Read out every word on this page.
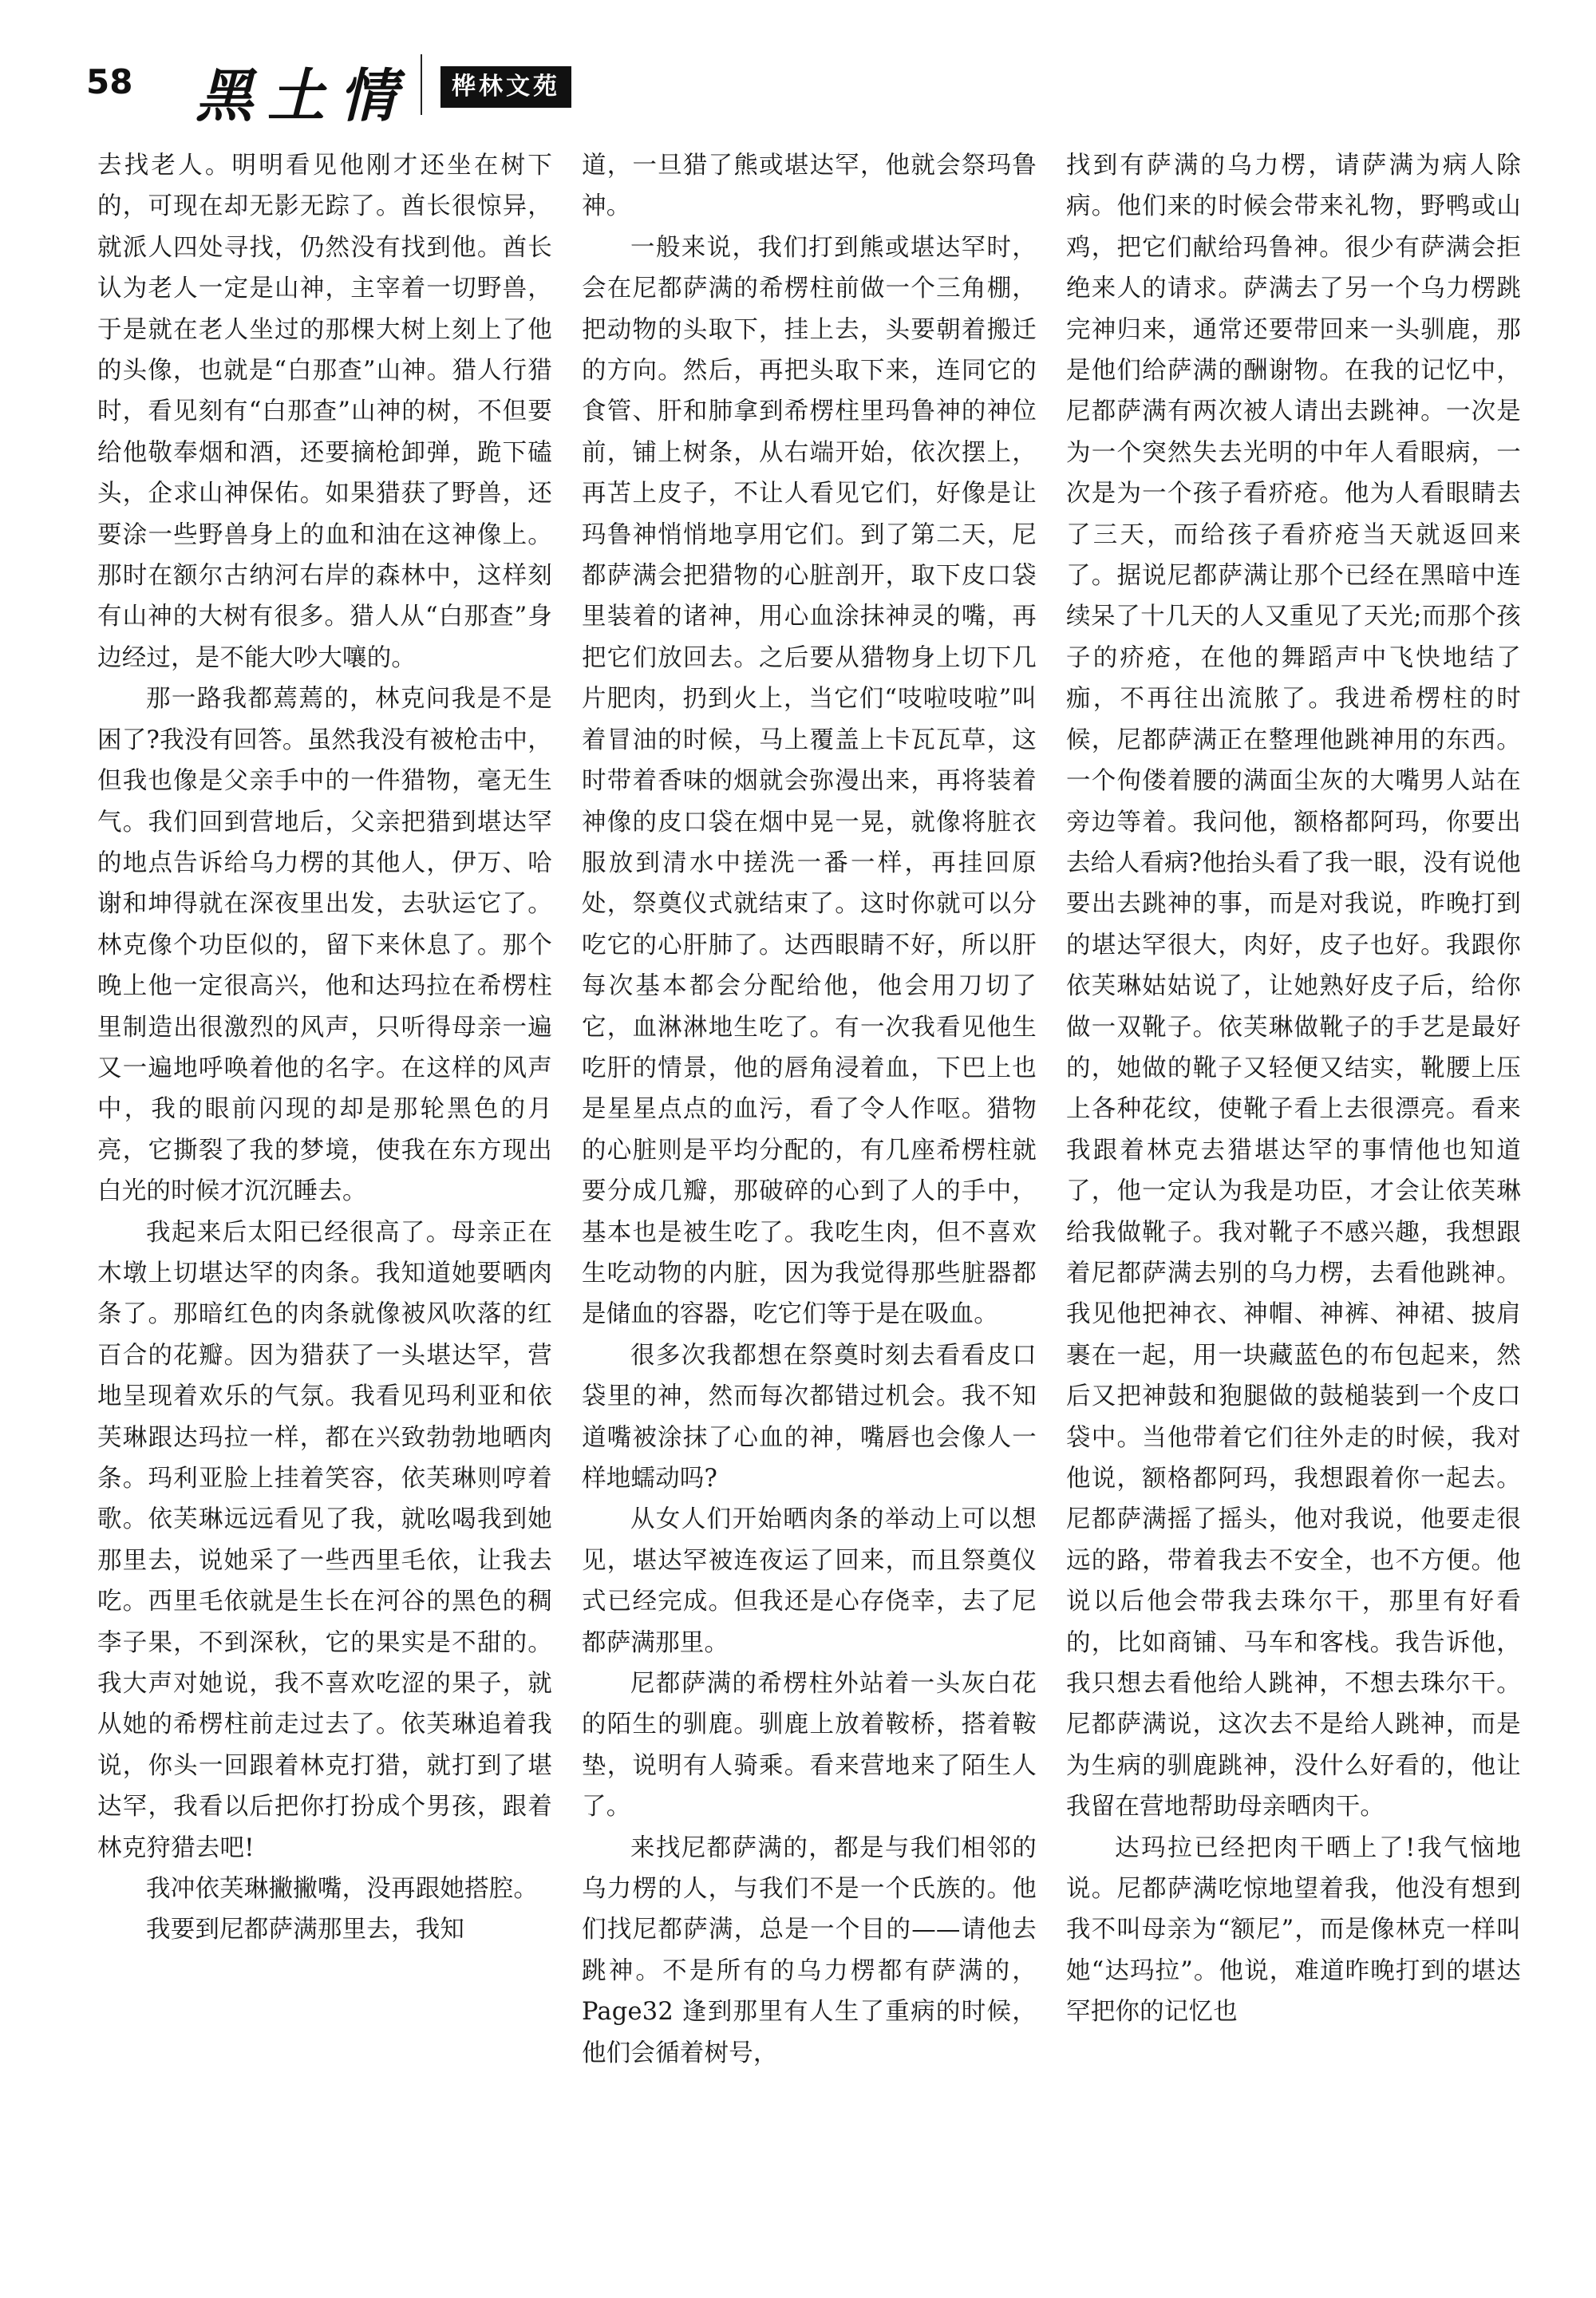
58 黑土情	桦林文苑

去找老人。明明看见他刚才还坐在树下的，可现在却无影无踪了。酋长很惊异，就派人四处寻找，仍然没有找到他。酋长认为老人一定是山神，主宰着一切野兽，于是就在老人坐过的那棵大树上刻上了他的头像，也就是“白那查”山神。猎人行猎时，看见刻有“白那查”山神的树，不但要给他敬奉烟和酒，还要摘枪卸弹，跪下磕头，企求山神保佑。如果猎获了野兽，还要涂一些野兽身上的血和油在这神像上。那时在额尔古纳河右岸的森林中，这样刻有山神的大树有很多。猎人从“白那查”身边经过，是不能大吵大嚷的。

那一路我都蔫蔫的，林克问我是不是困了?我没有回答。虽然我没有被枪击中，但我也像是父亲手中的一件猎物，毫无生气。我们回到营地后，父亲把猎到堪达罕的地点告诉给乌力楞的其他人，伊万、哈谢和坤得就在深夜里出发，去驮运它了。林克像个功臣似的，留下来休息了。那个晚上他一定很高兴，他和达玛拉在希楞柱里制造出很激烈的风声，只听得母亲一遍又一遍地呼唤着他的名字。在这样的风声中，我的眼前闪现的却是那轮黑色的月亮，它撕裂了我的梦境，使我在东方现出白光的时候才沉沉睡去。

我起来后太阳已经很高了。母亲正在木墩上切堪达罕的肉条。我知道她要晒肉条了。那暗红色的肉条就像被风吹落的红百合的花瓣。因为猎获了一头堪达罕，营地呈现着欢乐的气氛。我看见玛利亚和依芙琳跟达玛拉一样，都在兴致勃勃地晒肉条。玛利亚脸上挂着笑容，依芙琳则哼着歌。依芙琳远远看见了我，就吆喝我到她那里去，说她采了一些西里毛依，让我去吃。西里毛依就是生长在河谷的黑色的稠李子果，不到深秋，它的果实是不甜的。我大声对她说，我不喜欢吃涩的果子，就从她的希楞柱前走过去了。依芙琳追着我说，你头一回跟着林克打猎，就打到了堪达罕，我看以后把你打扮成个男孩，跟着林克狩猎去吧!

我冲依芙琳撇撇嘴，没再跟她搭腔。

我要到尼都萨满那里去，我知

道，一旦猎了熊或堪达罕，他就会祭玛鲁神。

一般来说，我们打到熊或堪达罕时，会在尼都萨满的希楞柱前做一个三角棚，把动物的头取下，挂上去，头要朝着搬迁的方向。然后，再把头取下来，连同它的食管、肝和肺拿到希楞柱里玛鲁神的神位前，铺上树条，从右端开始，依次摆上，再苫上皮子，不让人看见它们，好像是让玛鲁神悄悄地享用它们。到了第二天，尼都萨满会把猎物的心脏剖开，取下皮口袋里装着的诸神，用心血涂抹神灵的嘴，再把它们放回去。之后要从猎物身上切下几片肥肉，扔到火上，当它们“吱啦吱啦”叫着冒油的时候，马上覆盖上卡瓦瓦草，这时带着香味的烟就会弥漫出来，再将装着神像的皮口袋在烟中晃一晃，就像将脏衣服放到清水中搓洗一番一样，再挂回原处，祭奠仪式就结束了。这时你就可以分吃它的心肝肺了。达西眼睛不好，所以肝每次基本都会分配给他，他会用刀切了它，血淋淋地生吃了。有一次我看见他生吃肝的情景，他的唇角浸着血，下巴上也是星星点点的血污，看了令人作呕。猎物的心脏则是平均分配的，有几座希楞柱就要分成几瓣，那破碎的心到了人的手中，基本也是被生吃了。我吃生肉，但不喜欢生吃动物的内脏，因为我觉得那些脏器都是储血的容器，吃它们等于是在吸血。

很多次我都想在祭奠时刻去看看皮口袋里的神，然而每次都错过机会。我不知道嘴被涂抹了心血的神，嘴唇也会像人一样地蠕动吗?

从女人们开始晒肉条的举动上可以想见，堪达罕被连夜运了回来，而且祭奠仪式已经完成。但我还是心存侥幸，去了尼都萨满那里。

尼都萨满的希楞柱外站着一头灰白花的陌生的驯鹿。驯鹿上放着鞍桥，搭着鞍垫，说明有人骑乘。看来营地来了陌生人了。

来找尼都萨满的，都是与我们相邻的乌力楞的人，与我们不是一个氏族的。他们找尼都萨满，总是一个目的——请他去跳神。不是所有的乌力楞都有萨满的，Page32 逢到那里有人生了重病的时候，他们会循着树号，

找到有萨满的乌力楞，请萨满为病人除病。他们来的时候会带来礼物，野鸭或山鸡，把它们献给玛鲁神。很少有萨满会拒绝来人的请求。萨满去了另一个乌力楞跳完神归来，通常还要带回来一头驯鹿，那是他们给萨满的酬谢物。在我的记忆中，尼都萨满有两次被人请出去跳神。一次是为一个突然失去光明的中年人看眼病，一次是为一个孩子看疥疮。他为人看眼睛去了三天，而给孩子看疥疮当天就返回来了。据说尼都萨满让那个已经在黑暗中连续呆了十几天的人又重见了天光;而那个孩子的疥疮，在他的舞蹈声中飞快地结了痂，不再往出流脓了。我进希楞柱的时候，尼都萨满正在整理他跳神用的东西。一个佝偻着腰的满面尘灰的大嘴男人站在旁边等着。我问他，额格都阿玛，你要出去给人看病?他抬头看了我一眼，没有说他要出去跳神的事，而是对我说，昨晚打到的堪达罕很大，肉好，皮子也好。我跟你依芙琳姑姑说了，让她熟好皮子后，给你做一双靴子。依芙琳做靴子的手艺是最好的，她做的靴子又轻便又结实，靴腰上压上各种花纹，使靴子看上去很漂亮。看来我跟着林克去猎堪达罕的事情他也知道了，他一定认为我是功臣，才会让依芙琳给我做靴子。我对靴子不感兴趣，我想跟着尼都萨满去别的乌力楞，去看他跳神。我见他把神衣、神帽、神裤、神裙、披肩裹在一起，用一块藏蓝色的布包起来，然后又把神鼓和狍腿做的鼓槌装到一个皮口袋中。当他带着它们往外走的时候，我对他说，额格都阿玛，我想跟着你一起去。尼都萨满摇了摇头，他对我说，他要走很远的路，带着我去不安全，也不方便。他说以后他会带我去珠尔干，那里有好看的，比如商铺、马车和客栈。我告诉他，我只想去看他给人跳神，不想去珠尔干。尼都萨满说，这次去不是给人跳神，而是为生病的驯鹿跳神，没什么好看的，他让我留在营地帮助母亲晒肉干。

达玛拉已经把肉干晒上了!我气恼地说。尼都萨满吃惊地望着我，他没有想到我不叫母亲为“额尼”，而是像林克一样叫她“达玛拉”。他说，难道昨晚打到的堪达罕把你的记忆也
